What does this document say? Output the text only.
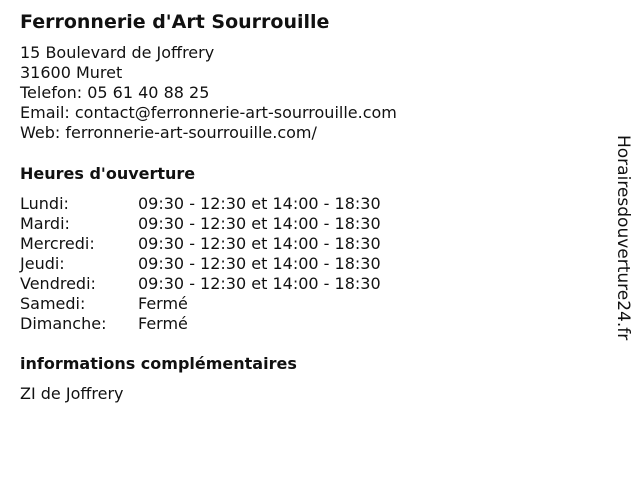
Ferronnerie d'Art Sourrouille
15 Boulevard de Joffrery
31600 Muret
Telefon: 05 61 40 88 25
Email: contact@ferronnerie-art-sourrouille.com
Web: ferronnerie-art-sourrouille.com/
Heures d'ouverture
Lundi:	09:30 - 12:30 et 14:00 - 18:30
Mardi:	09:30 - 12:30 et 14:00 - 18:30
Mercredi:	09:30 - 12:30 et 14:00 - 18:30
Jeudi:	09:30 - 12:30 et 14:00 - 18:30
Vendredi:	09:30 - 12:30 et 14:00 - 18:30
Samedi:	Fermé
Dimanche:	Fermé
informations complémentaires
ZI de Joffrery
Horairesdouverture24.fr
